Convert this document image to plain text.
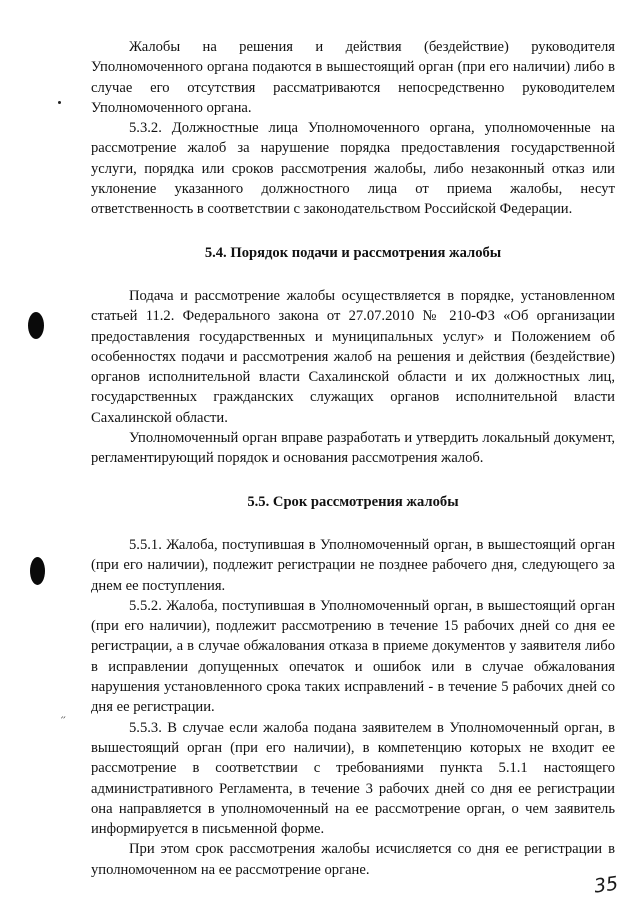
״

Жалобы на решения и действия (бездействие) руководителя Уполномоченного органа подаются в вышестоящий орган (при его наличии) либо в случае его отсутствия рассматриваются непосредственно руководителем Уполномоченного органа.

5.3.2. Должностные лица Уполномоченного органа, уполномоченные на рассмотрение жалоб за нарушение порядка предоставления государственной услуги, порядка или сроков рассмотрения жалобы, либо незаконный отказ или уклонение указанного должностного лица от приема жалобы, несут ответственность в соответствии с законодательством Российской Федерации.

5.4. Порядок подачи и рассмотрения жалобы

Подача и рассмотрение жалобы осуществляется в порядке, установленном статьей 11.2. Федерального закона от 27.07.2010 № 210-ФЗ «Об организации предоставления государственных и муниципальных услуг» и Положением об особенностях подачи и рассмотрения жалоб на решения и действия (бездействие) органов исполнительной власти Сахалинской области и их должностных лиц, государственных гражданских служащих органов исполнительной власти Сахалинской области.

Уполномоченный орган вправе разработать и утвердить локальный документ, регламентирующий порядок и основания рассмотрения жалоб.

5.5. Срок рассмотрения жалобы

5.5.1. Жалоба, поступившая в Уполномоченный орган, в вышестоящий орган (при его наличии), подлежит регистрации не позднее рабочего дня, следующего за днем ее поступления.

5.5.2. Жалоба, поступившая в Уполномоченный орган, в вышестоящий орган (при его наличии), подлежит рассмотрению в течение 15 рабочих дней со дня ее регистрации, а в случае обжалования отказа в приеме документов у заявителя либо в исправлении допущенных опечаток и ошибок или в случае обжалования нарушения установленного срока таких исправлений - в течение 5 рабочих дней со дня ее регистрации.

5.5.3. В случае если жалоба подана заявителем в Уполномоченный орган, в вышестоящий орган (при его наличии), в компетенцию которых не входит ее рассмотрение в соответствии с требованиями пункта 5.1.1 настоящего административного Регламента, в течение 3 рабочих дней со дня ее регистрации она направляется в уполномоченный на ее рассмотрение орган, о чем заявитель информируется в письменной форме.

При этом срок рассмотрения жалобы исчисляется со дня ее регистрации в уполномоченном на ее рассмотрение органе.

35
